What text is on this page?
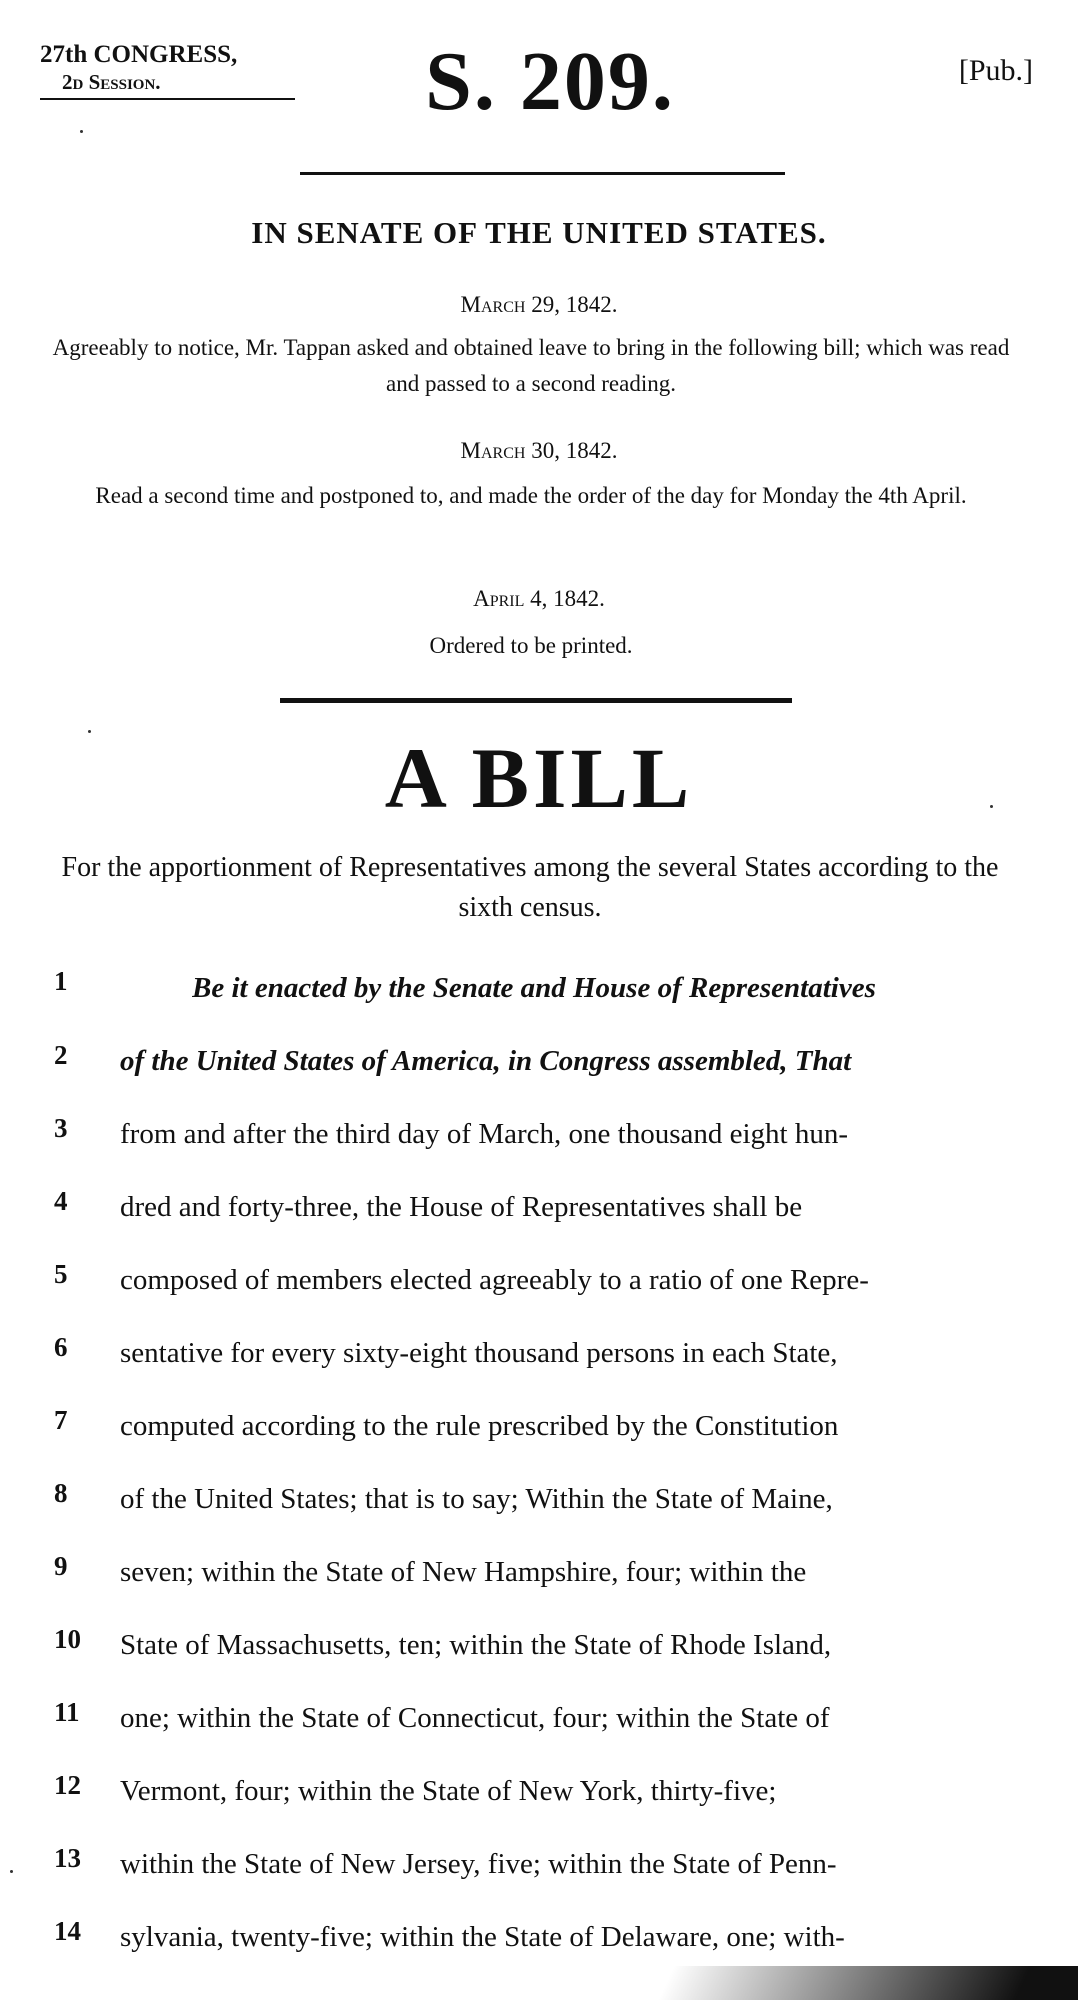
27th CONGRESS,
2d Session.	S. 209.	[Pub.]
IN SENATE OF THE UNITED STATES.
March 29, 1842.
Agreeably to notice, Mr. Tappan asked and obtained leave to bring in the following bill; which was read and passed to a second reading.
March 30, 1842.
Read a second time and postponed to, and made the order of the day for Monday the 4th April.
April 4, 1842.
Ordered to be printed.
A BILL
For the apportionment of Representatives among the several States according to the sixth census.
1	Be it enacted by the Senate and House of Representatives
2	of the United States of America, in Congress assembled, That
3	from and after the third day of March, one thousand eight hun-
4	dred and forty-three, the House of Representatives shall be
5	composed of members elected agreeably to a ratio of one Repre-
6	sentative for every sixty-eight thousand persons in each State,
7	computed according to the rule prescribed by the Constitution
8	of the United States; that is to say; Within the State of Maine,
9	seven; within the State of New Hampshire, four; within the
10	State of Massachusetts, ten; within the State of Rhode Island,
11	one; within the State of Connecticut, four; within the State of
12	Vermont, four; within the State of New York, thirty-five;
13	within the State of New Jersey, five; within the State of Penn-
14	sylvania, twenty-five; within the State of Delaware, one; with-
